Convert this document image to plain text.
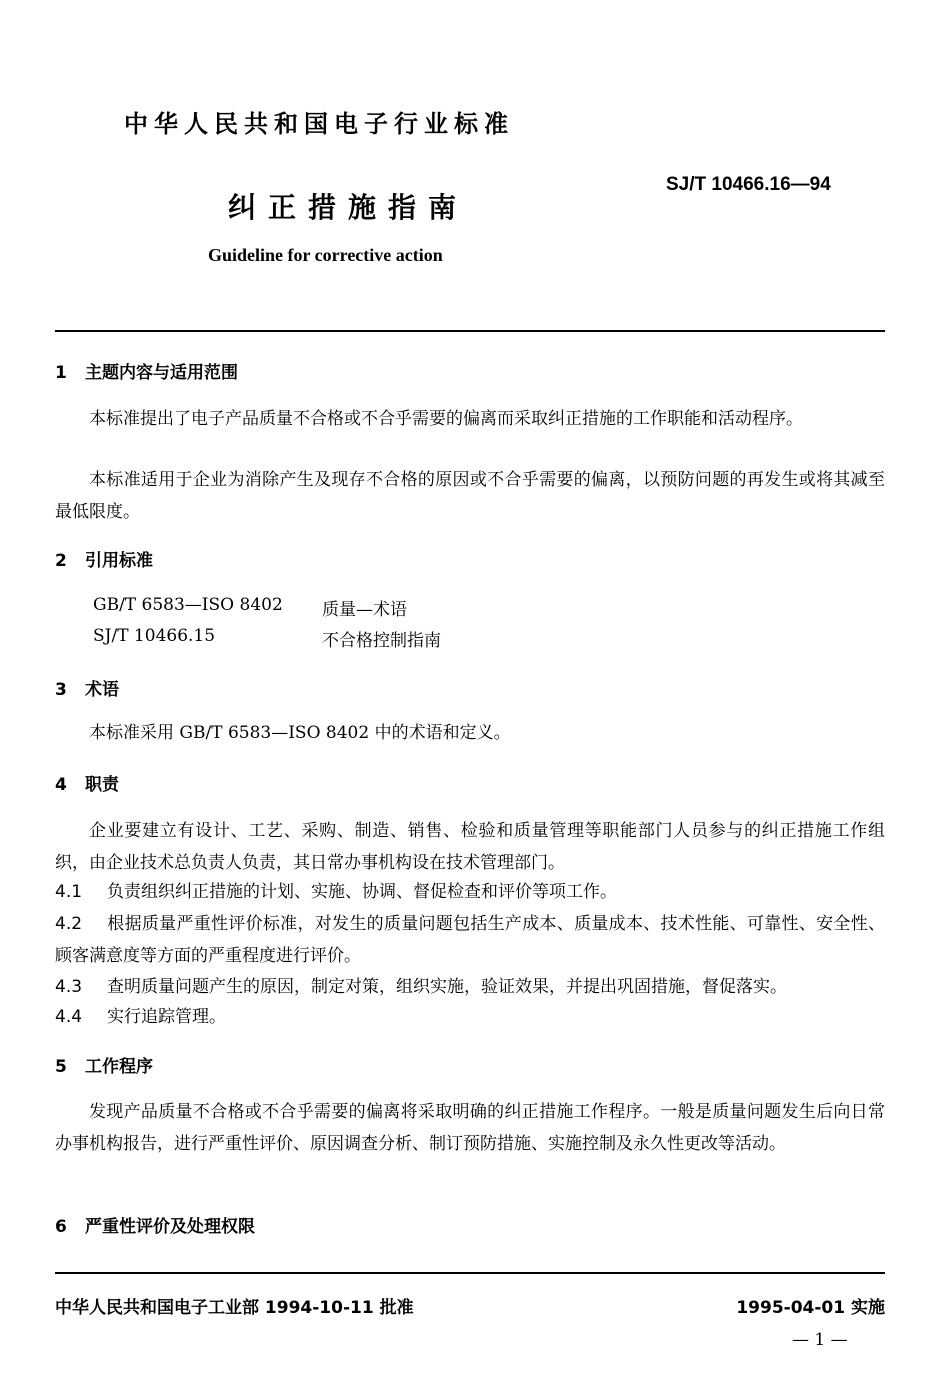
中华人民共和国电子行业标准
SJ/T 10466.16—94
纠正措施指南
Guideline for corrective action
1 主题内容与适用范围
本标准提出了电子产品质量不合格或不合乎需要的偏离而采取纠正措施的工作职能和活动程序。
本标准适用于企业为消除产生及现存不合格的原因或不合乎需要的偏离，以预防问题的再发生或将其减至最低限度。
2 引用标准
GB/T 6583—ISO 8402 质量—术语
SJ/T 10466.15	不合格控制指南
3 术语
本标准采用 GB/T 6583—ISO 8402 中的术语和定义。
4 职责
企业要建立有设计、工艺、采购、制造、销售、检验和质量管理等职能部门人员参与的纠正措施工作组织，由企业技术总负责人负责，其日常办事机构设在技术管理部门。
4.1 负责组织纠正措施的计划、实施、协调、督促检查和评价等项工作。
4.2 根据质量严重性评价标准，对发生的质量问题包括生产成本、质量成本、技术性能、可靠性、安全性、顾客满意度等方面的严重程度进行评价。
4.3 查明质量问题产生的原因，制定对策，组织实施，验证效果，并提出巩固措施，督促落实。
4.4 实行追踪管理。
5 工作程序
发现产品质量不合格或不合乎需要的偏离将采取明确的纠正措施工作程序。一般是质量问题发生后向日常办事机构报告，进行严重性评价、原因调查分析、制订预防措施、实施控制及永久性更改等活动。
6 严重性评价及处理权限
中华人民共和国电子工业部 1994-10-11 批准	1995-04-01 实施
— 1 —
